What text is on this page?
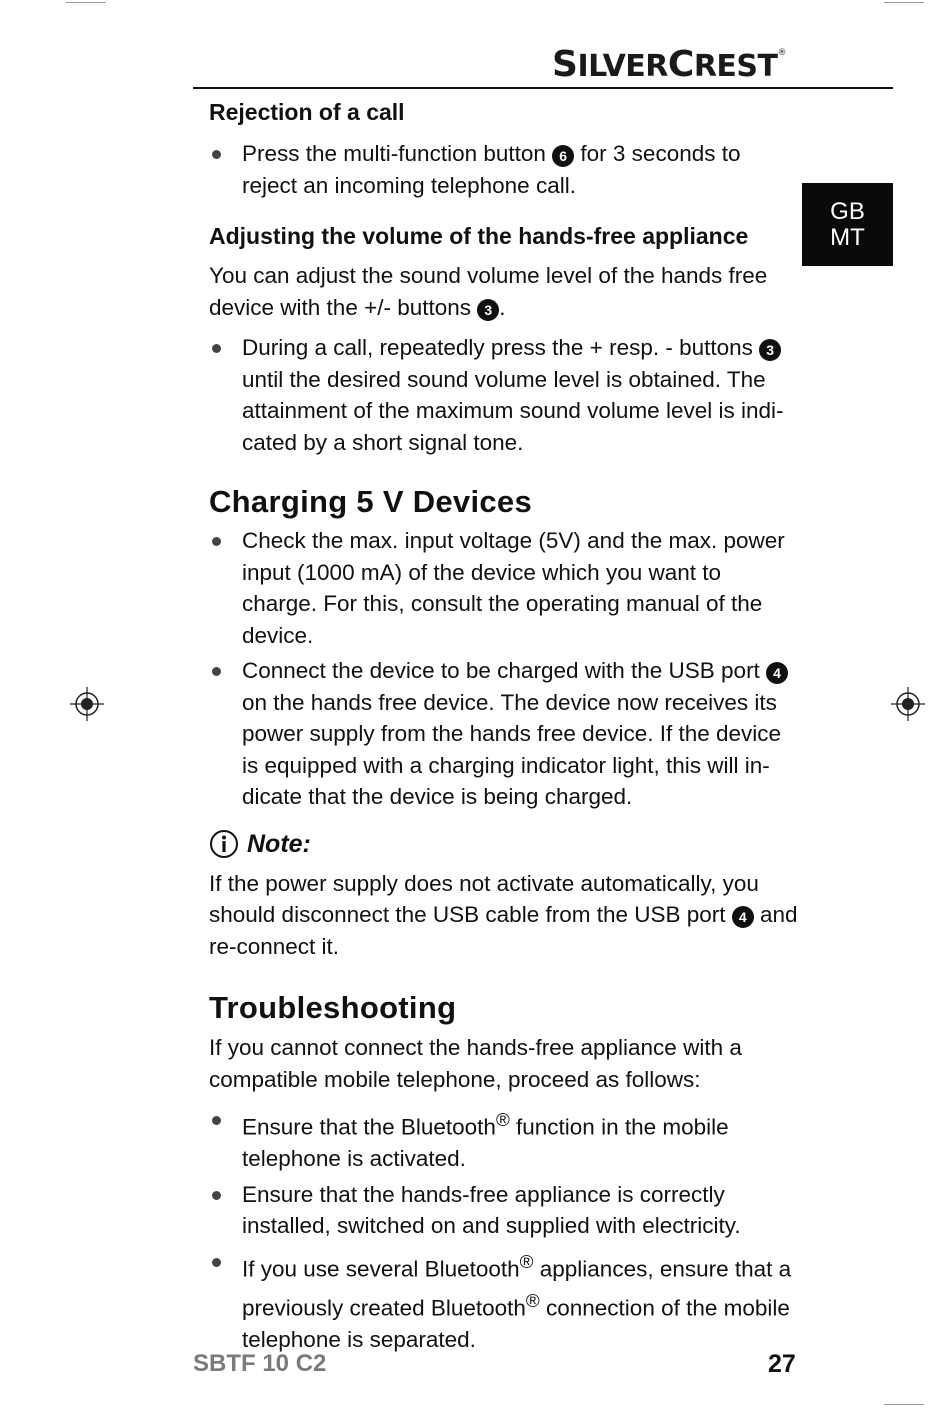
SILVERCREST®
GB
MT
Rejection of a call
Press the multi-function button 6 for 3 seconds to reject an incoming telephone call.
Adjusting the volume of the hands-free appliance

You can adjust the sound volume level of the hands free device with the +/- buttons 3 .

During a call, repeatedly press the + resp. - buttons 3 until the desired sound volume level is obtained. The attainment of the maximum sound volume level is indi-cated by a short signal tone.
Charging 5 V Devices
Check the max. input voltage (5V) and the max. power input (1000 mA) of the device which you want to charge. For this, consult the operating manual of the device.
Connect the device to be charged with the USB port 4 on the hands free device. The device now receives its power supply from the hands free device. If the device is equipped with a charging indicator light, this will in-dicate that the device is being charged.
Note:

If the power supply does not activate automatically, you should disconnect the USB cable from the USB port 4 and re-connect it.

Troubleshooting

If you cannot connect the hands-free appliance with a compatible mobile telephone, proceed as follows:

Ensure that the Bluetooth® function in the mobile telephone is activated.
Ensure that the hands-free appliance is correctly installed, switched on and supplied with electricity.
If you use several Bluetooth® appliances, ensure that a previously created Bluetooth® connection of the mobile telephone is separated.
SBTF 10 C2	27
